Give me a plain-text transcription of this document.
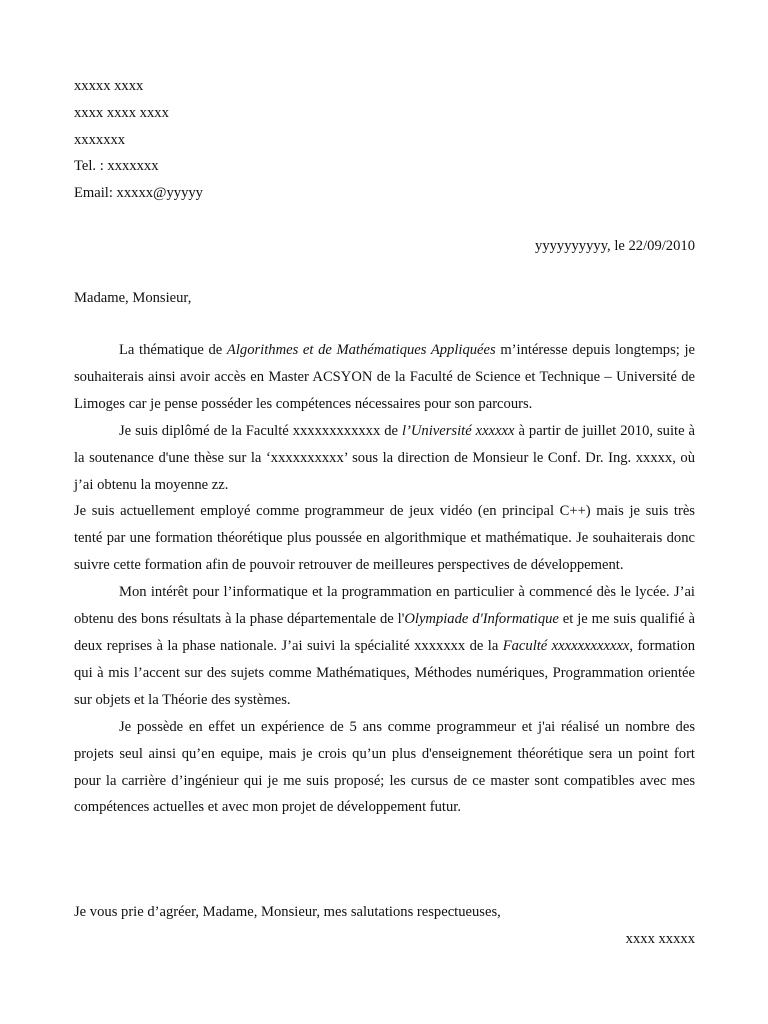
xxxxx xxxx
xxxx xxxx xxxx
xxxxxxx
Tel. : xxxxxxx
Email: xxxxx@yyyyy
yyyyyyyyyy, le 22/09/2010
Madame, Monsieur,

La thématique de Algorithmes et de Mathématiques Appliquées m’intéresse depuis longtemps; je souhaiterais ainsi avoir accès en Master ACSYON de la Faculté de Science et Technique – Université de Limoges car je pense posséder les compétences nécessaires pour son parcours.

Je suis diplômé de la Faculté xxxxxxxxxxxx de l’Université xxxxxx à partir de juillet 2010, suite à la soutenance d'une thèse sur la ‘xxxxxxxxxx’ sous la direction de Monsieur le Conf. Dr. Ing. xxxxx, où j’ai obtenu la moyenne zz.

Je suis actuellement employé comme programmeur de jeux vidéo (en principal C++) mais je suis très tenté par une formation théorétique plus poussée en algorithmique et mathématique. Je souhaiterais donc suivre cette formation afin de pouvoir retrouver de meilleures perspectives de développement.

Mon intérêt pour l’informatique et la programmation en particulier à commencé dès le lycée. J’ai obtenu des bons résultats à la phase départementale de l'Olympiade d'Informatique et je me suis qualifié à deux reprises à la phase nationale. J’ai suivi la spécialité xxxxxxx de la Faculté xxxxxxxxxxxx, formation qui à mis l’accent sur des sujets comme Mathématiques, Méthodes numériques, Programmation orientée sur objets et la Théorie des systèmes.

Je possède en effet un expérience de 5 ans comme programmeur et j'ai réalisé un nombre des projets seul ainsi qu’en equipe, mais je crois qu’un plus d'enseignement théorétique sera un point fort pour la carrière d’ingénieur qui je me suis proposé; les cursus de ce master sont compatibles avec mes compétences actuelles et avec mon projet de développement futur.

Je vous prie d’agréer, Madame, Monsieur, mes salutations respectueuses,
xxxx xxxxx
